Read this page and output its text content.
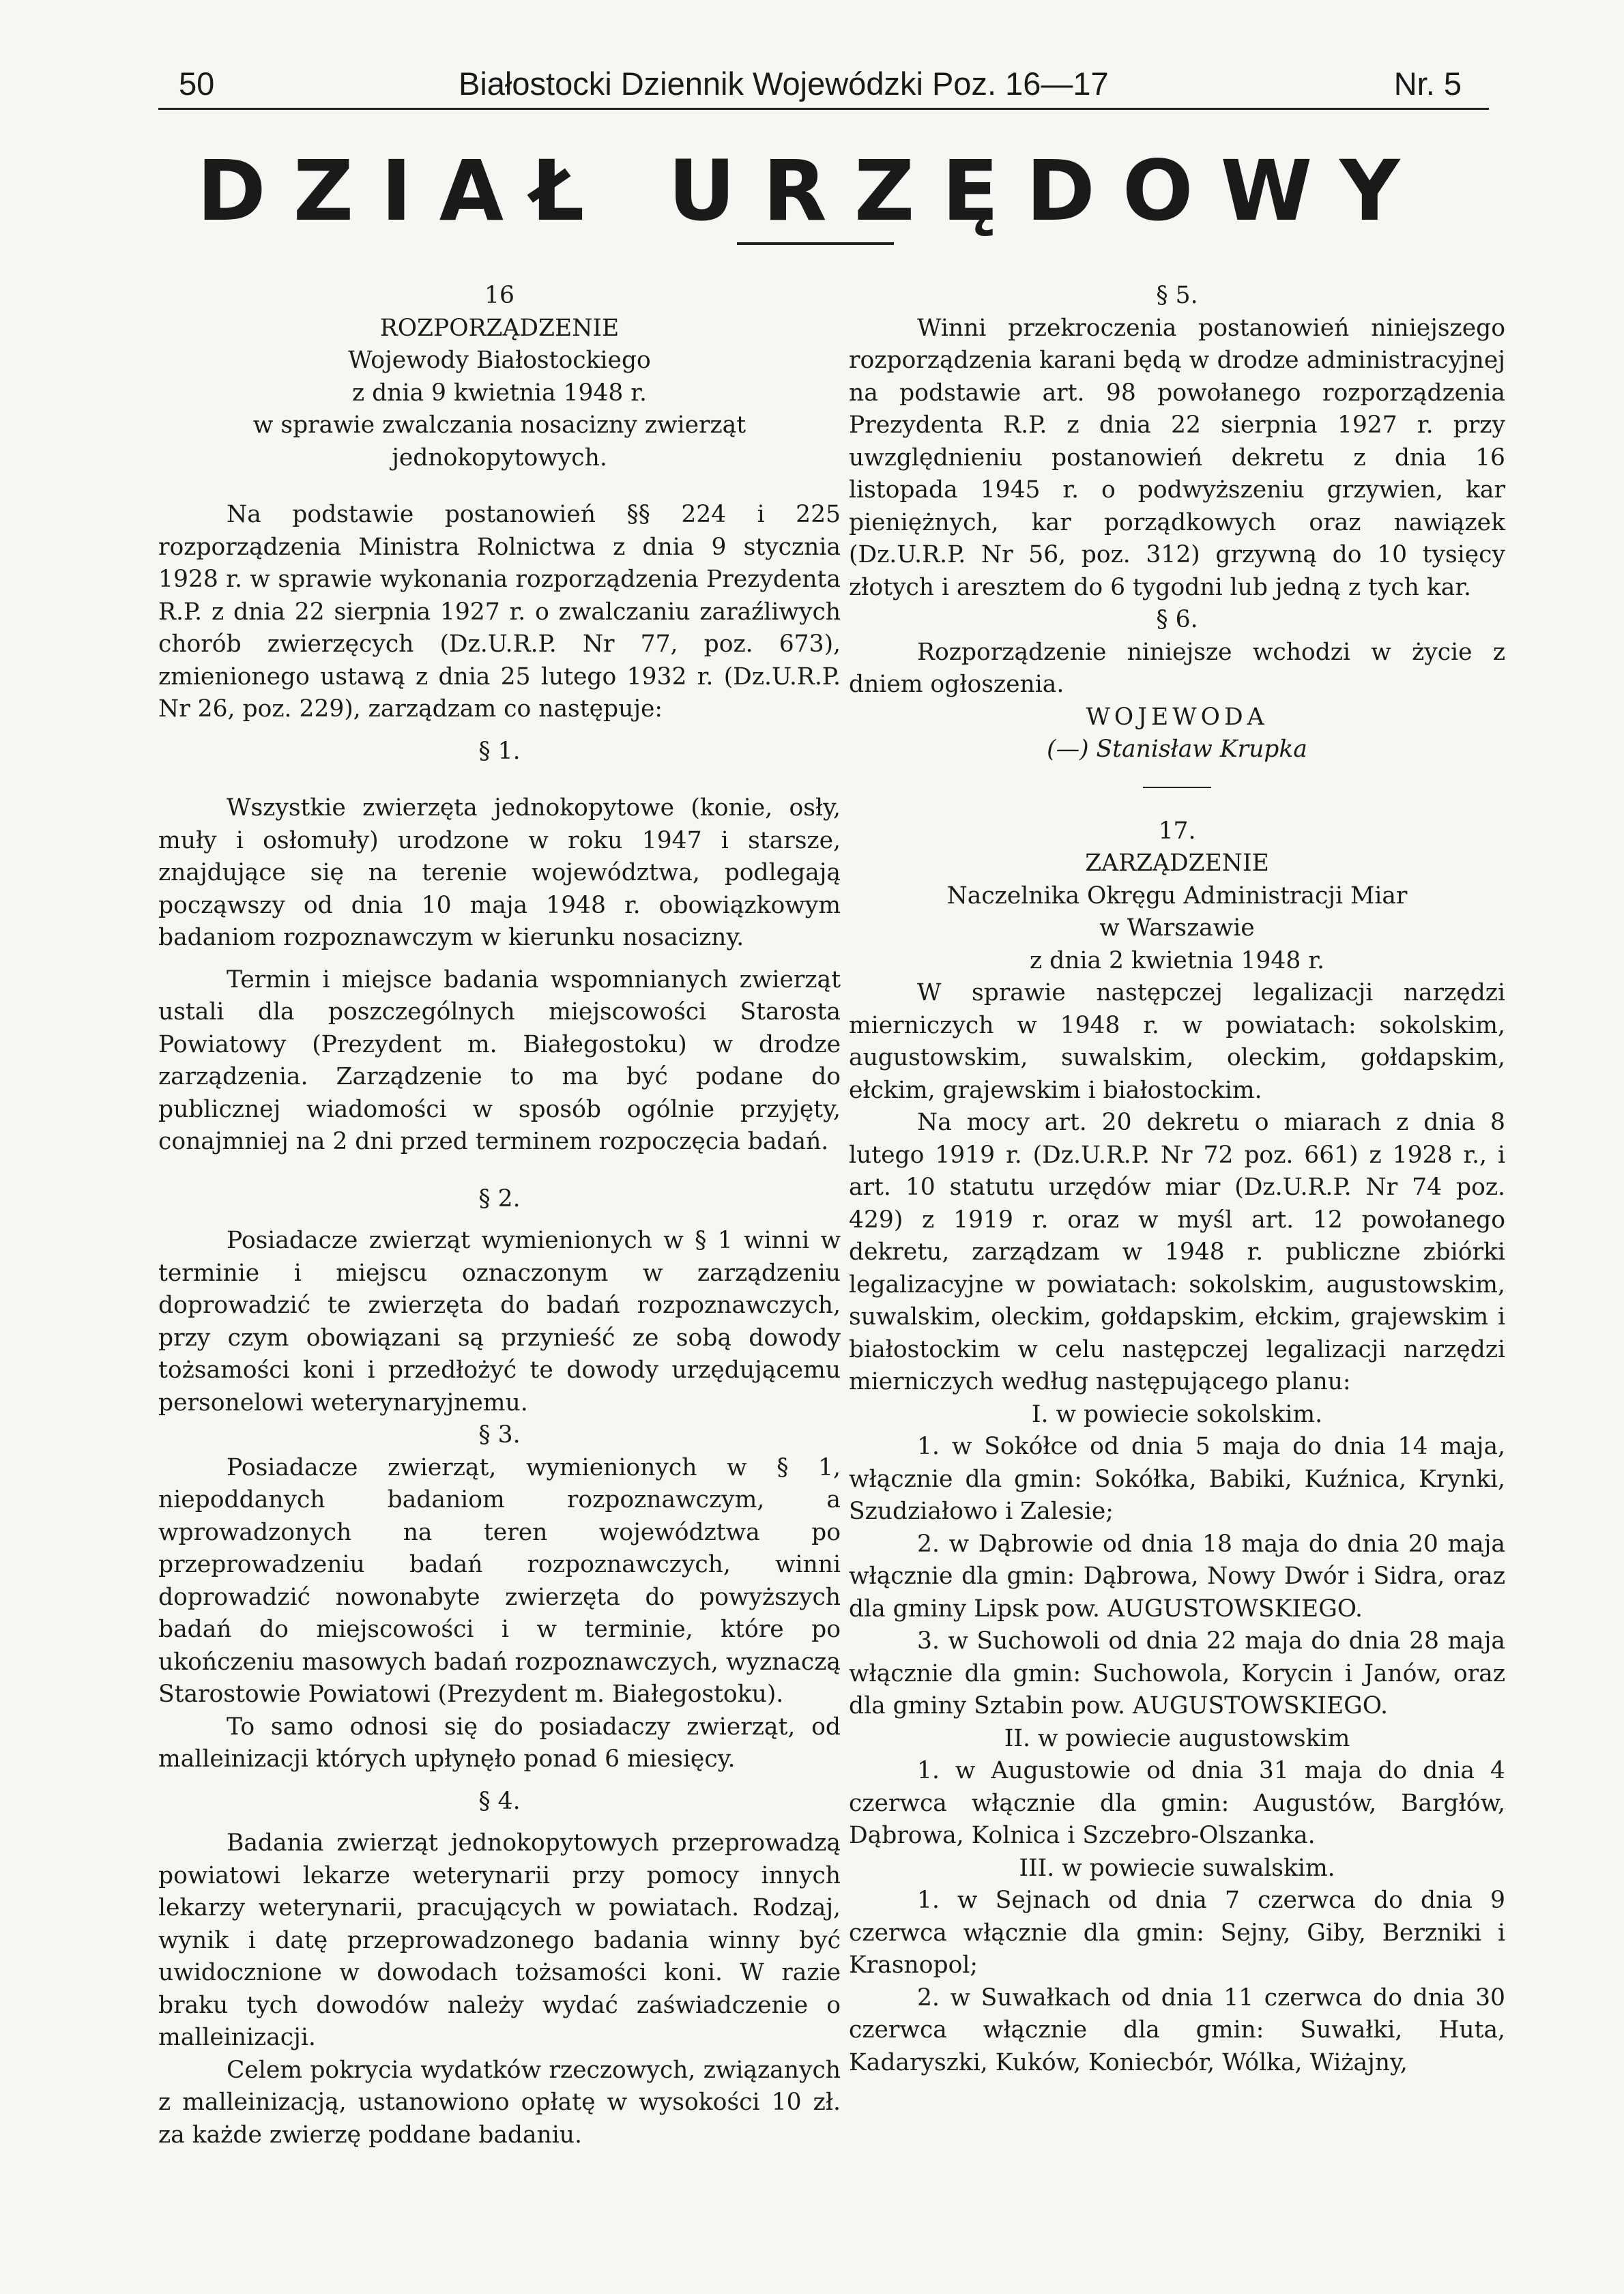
50	Białostocki Dziennik Wojewódzki Poz. 16—17	Nr. 5
DZIAŁ URZĘDOWY
16
ROZPORZĄDZENIE
Wojewody Białostockiego
z dnia 9 kwietnia 1948 r.
w sprawie zwalczania nosacizny zwierząt
jednokopytowych.

Na podstawie postanowień §§ 224 i 225 rozporządzenia Ministra Rolnictwa z dnia 9 stycznia 1928 r. w sprawie wykonania rozporządzenia Prezydenta R.P. z dnia 22 sierpnia 1927 r. o zwalczaniu zaraźliwych chorób zwierzęcych (Dz.U.R.P. Nr 77, poz. 673), zmienionego ustawą z dnia 25 lutego 1932 r. (Dz.U.R.P. Nr 26, poz. 229), zarządzam co następuje:

§ 1.

Wszystkie zwierzęta jednokopytowe (konie, osły, muły i osłomuły) urodzone w roku 1947 i starsze, znajdujące się na terenie województwa, podlegają począwszy od dnia 10 maja 1948 r. obowiązkowym badaniom rozpoznawczym w kierunku nosacizny.

Termin i miejsce badania wspomnianych zwierząt ustali dla poszczególnych miejscowości Starosta Powiatowy (Prezydent m. Białegostoku) w drodze zarządzenia. Zarządzenie to ma być podane do publicznej wiadomości w sposób ogólnie przyjęty, conajmniej na 2 dni przed terminem rozpoczęcia badań.

§ 2.

Posiadacze zwierząt wymienionych w § 1 winni w terminie i miejscu oznaczonym w zarządzeniu doprowadzić te zwierzęta do badań rozpoznawczych, przy czym obowiązani są przynieść ze sobą dowody tożsamości koni i przedłożyć te dowody urzędującemu personelowi weterynaryjnemu.

§ 3.

Posiadacze zwierząt, wymienionych w § 1, niepoddanych badaniom rozpoznawczym, a wprowadzonych na teren województwa po przeprowadzeniu badań rozpoznawczych, winni doprowadzić nowonabyte zwierzęta do powyższych badań do miejscowości i w terminie, które po ukończeniu masowych badań rozpoznawczych, wyznaczą Starostowie Powiatowi (Prezydent m. Białegostoku).

To samo odnosi się do posiadaczy zwierząt, od malleinizacji których upłynęło ponad 6 miesięcy.

§ 4.

Badania zwierząt jednokopytowych przeprowadzą powiatowi lekarze weterynarii przy pomocy innych lekarzy weterynarii, pracujących w powiatach. Rodzaj, wynik i datę przeprowadzonego badania winny być uwidocznione w dowodach tożsamości koni. W razie braku tych dowodów należy wydać zaświadczenie o malleinizacji.

Celem pokrycia wydatków rzeczowych, związanych z malleinizacją, ustanowiono opłatę w wysokości 10 zł. za każde zwierzę poddane badaniu.

§ 5.

Winni przekroczenia postanowień niniejszego rozporządzenia karani będą w drodze administracyjnej na podstawie art. 98 powołanego rozporządzenia Prezydenta R.P. z dnia 22 sierpnia 1927 r. przy uwzględnieniu postanowień dekretu z dnia 16 listopada 1945 r. o podwyższeniu grzywien, kar pieniężnych, kar porządkowych oraz nawiązek (Dz.U.R.P. Nr 56, poz. 312) grzywną do 10 tysięcy złotych i aresztem do 6 tygodni lub jedną z tych kar.

§ 6.

Rozporządzenie niniejsze wchodzi w życie z dniem ogłoszenia.

WOJEWODA
(—) Stanisław Krupka
17.
ZARZĄDZENIE
Naczelnika Okręgu Administracji Miar
w Warszawie
z dnia 2 kwietnia 1948 r.

W sprawie następczej legalizacji narzędzi mierniczych w 1948 r. w powiatach: sokolskim, augustowskim, suwalskim, oleckim, gołdapskim, ełckim, grajewskim i białostockim.

Na mocy art. 20 dekretu o miarach z dnia 8 lutego 1919 r. (Dz.U.R.P. Nr 72 poz. 661) z 1928 r., i art. 10 statutu urzędów miar (Dz.U.R.P. Nr 74 poz. 429) z 1919 r. oraz w myśl art. 12 powołanego dekretu, zarządzam w 1948 r. publiczne zbiórki legalizacyjne w powiatach: sokolskim, augustowskim, suwalskim, oleckim, gołdapskim, ełckim, grajewskim i białostockim w celu następczej legalizacji narzędzi mierniczych według następującego planu:

I. w powiecie sokolskim.

1. w Sokółce od dnia 5 maja do dnia 14 maja, włącznie dla gmin: Sokółka, Babiki, Kuźnica, Krynki, Szudziałowo i Zalesie;

2. w Dąbrowie od dnia 18 maja do dnia 20 maja włącznie dla gmin: Dąbrowa, Nowy Dwór i Sidra, oraz dla gminy Lipsk pow. AUGUSTOWSKIEGO.

3. w Suchowoli od dnia 22 maja do dnia 28 maja włącznie dla gmin: Suchowola, Korycin i Janów, oraz dla gminy Sztabin pow. AUGUSTOWSKIEGO.

II. w powiecie augustowskim

1. w Augustowie od dnia 31 maja do dnia 4 czerwca włącznie dla gmin: Augustów, Bargłów, Dąbrowa, Kolnica i Szczebro-Olszanka.

III. w powiecie suwalskim.

1. w Sejnach od dnia 7 czerwca do dnia 9 czerwca włącznie dla gmin: Sejny, Giby, Berzniki i Krasnopol;

2. w Suwałkach od dnia 11 czerwca do dnia 30 czerwca włącznie dla gmin: Suwałki, Huta, Kadaryszki, Kuków, Koniecbór, Wólka, Wiżajny,
